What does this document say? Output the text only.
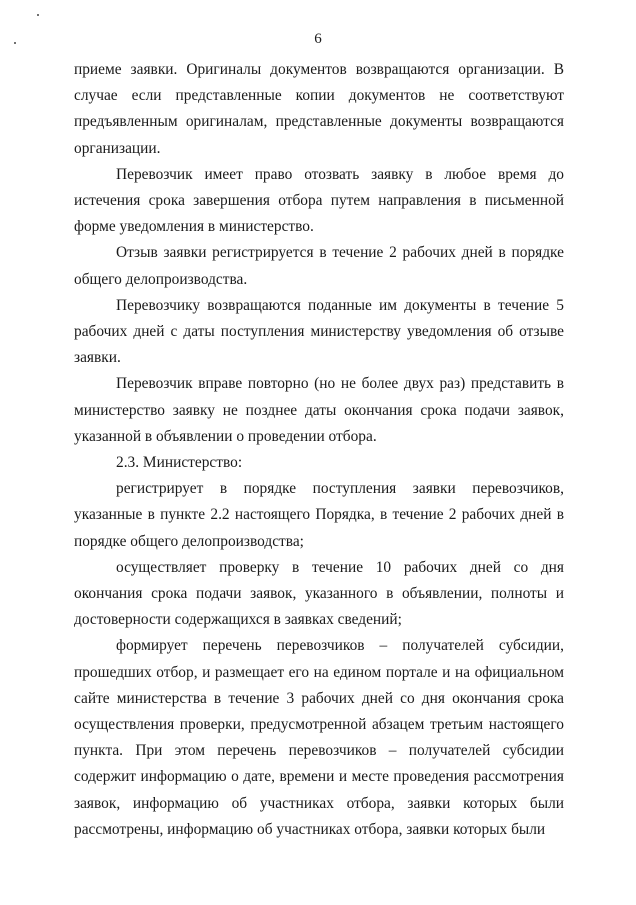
6

приеме заявки. Оригиналы документов возвращаются организации. В случае если представленные копии документов не соответствуют предъявленным оригиналам, представленные документы возвращаются организации.

Перевозчик имеет право отозвать заявку в любое время до истечения срока завершения отбора путем направления в письменной форме уведомления в министерство.

Отзыв заявки регистрируется в течение 2 рабочих дней в порядке общего делопроизводства.

Перевозчику возвращаются поданные им документы в течение 5 рабочих дней с даты поступления министерству уведомления об отзыве заявки.

Перевозчик вправе повторно (но не более двух раз) представить в министерство заявку не позднее даты окончания срока подачи заявок, указанной в объявлении о проведении отбора.

2.3. Министерство:

регистрирует в порядке поступления заявки перевозчиков, указанные в пункте 2.2 настоящего Порядка, в течение 2 рабочих дней в порядке общего делопроизводства;

осуществляет проверку в течение 10 рабочих дней со дня окончания срока подачи заявок, указанного в объявлении, полноты и достоверности содержащихся в заявках сведений;

формирует перечень перевозчиков – получателей субсидии, прошедших отбор, и размещает его на едином портале и на официальном сайте министерства в течение 3 рабочих дней со дня окончания срока осуществления проверки, предусмотренной абзацем третьим настоящего пункта. При этом перечень перевозчиков – получателей субсидии содержит информацию о дате, времени и месте проведения рассмотрения заявок, информацию об участниках отбора, заявки которых были рассмотрены, информацию об участниках отбора, заявки которых были
